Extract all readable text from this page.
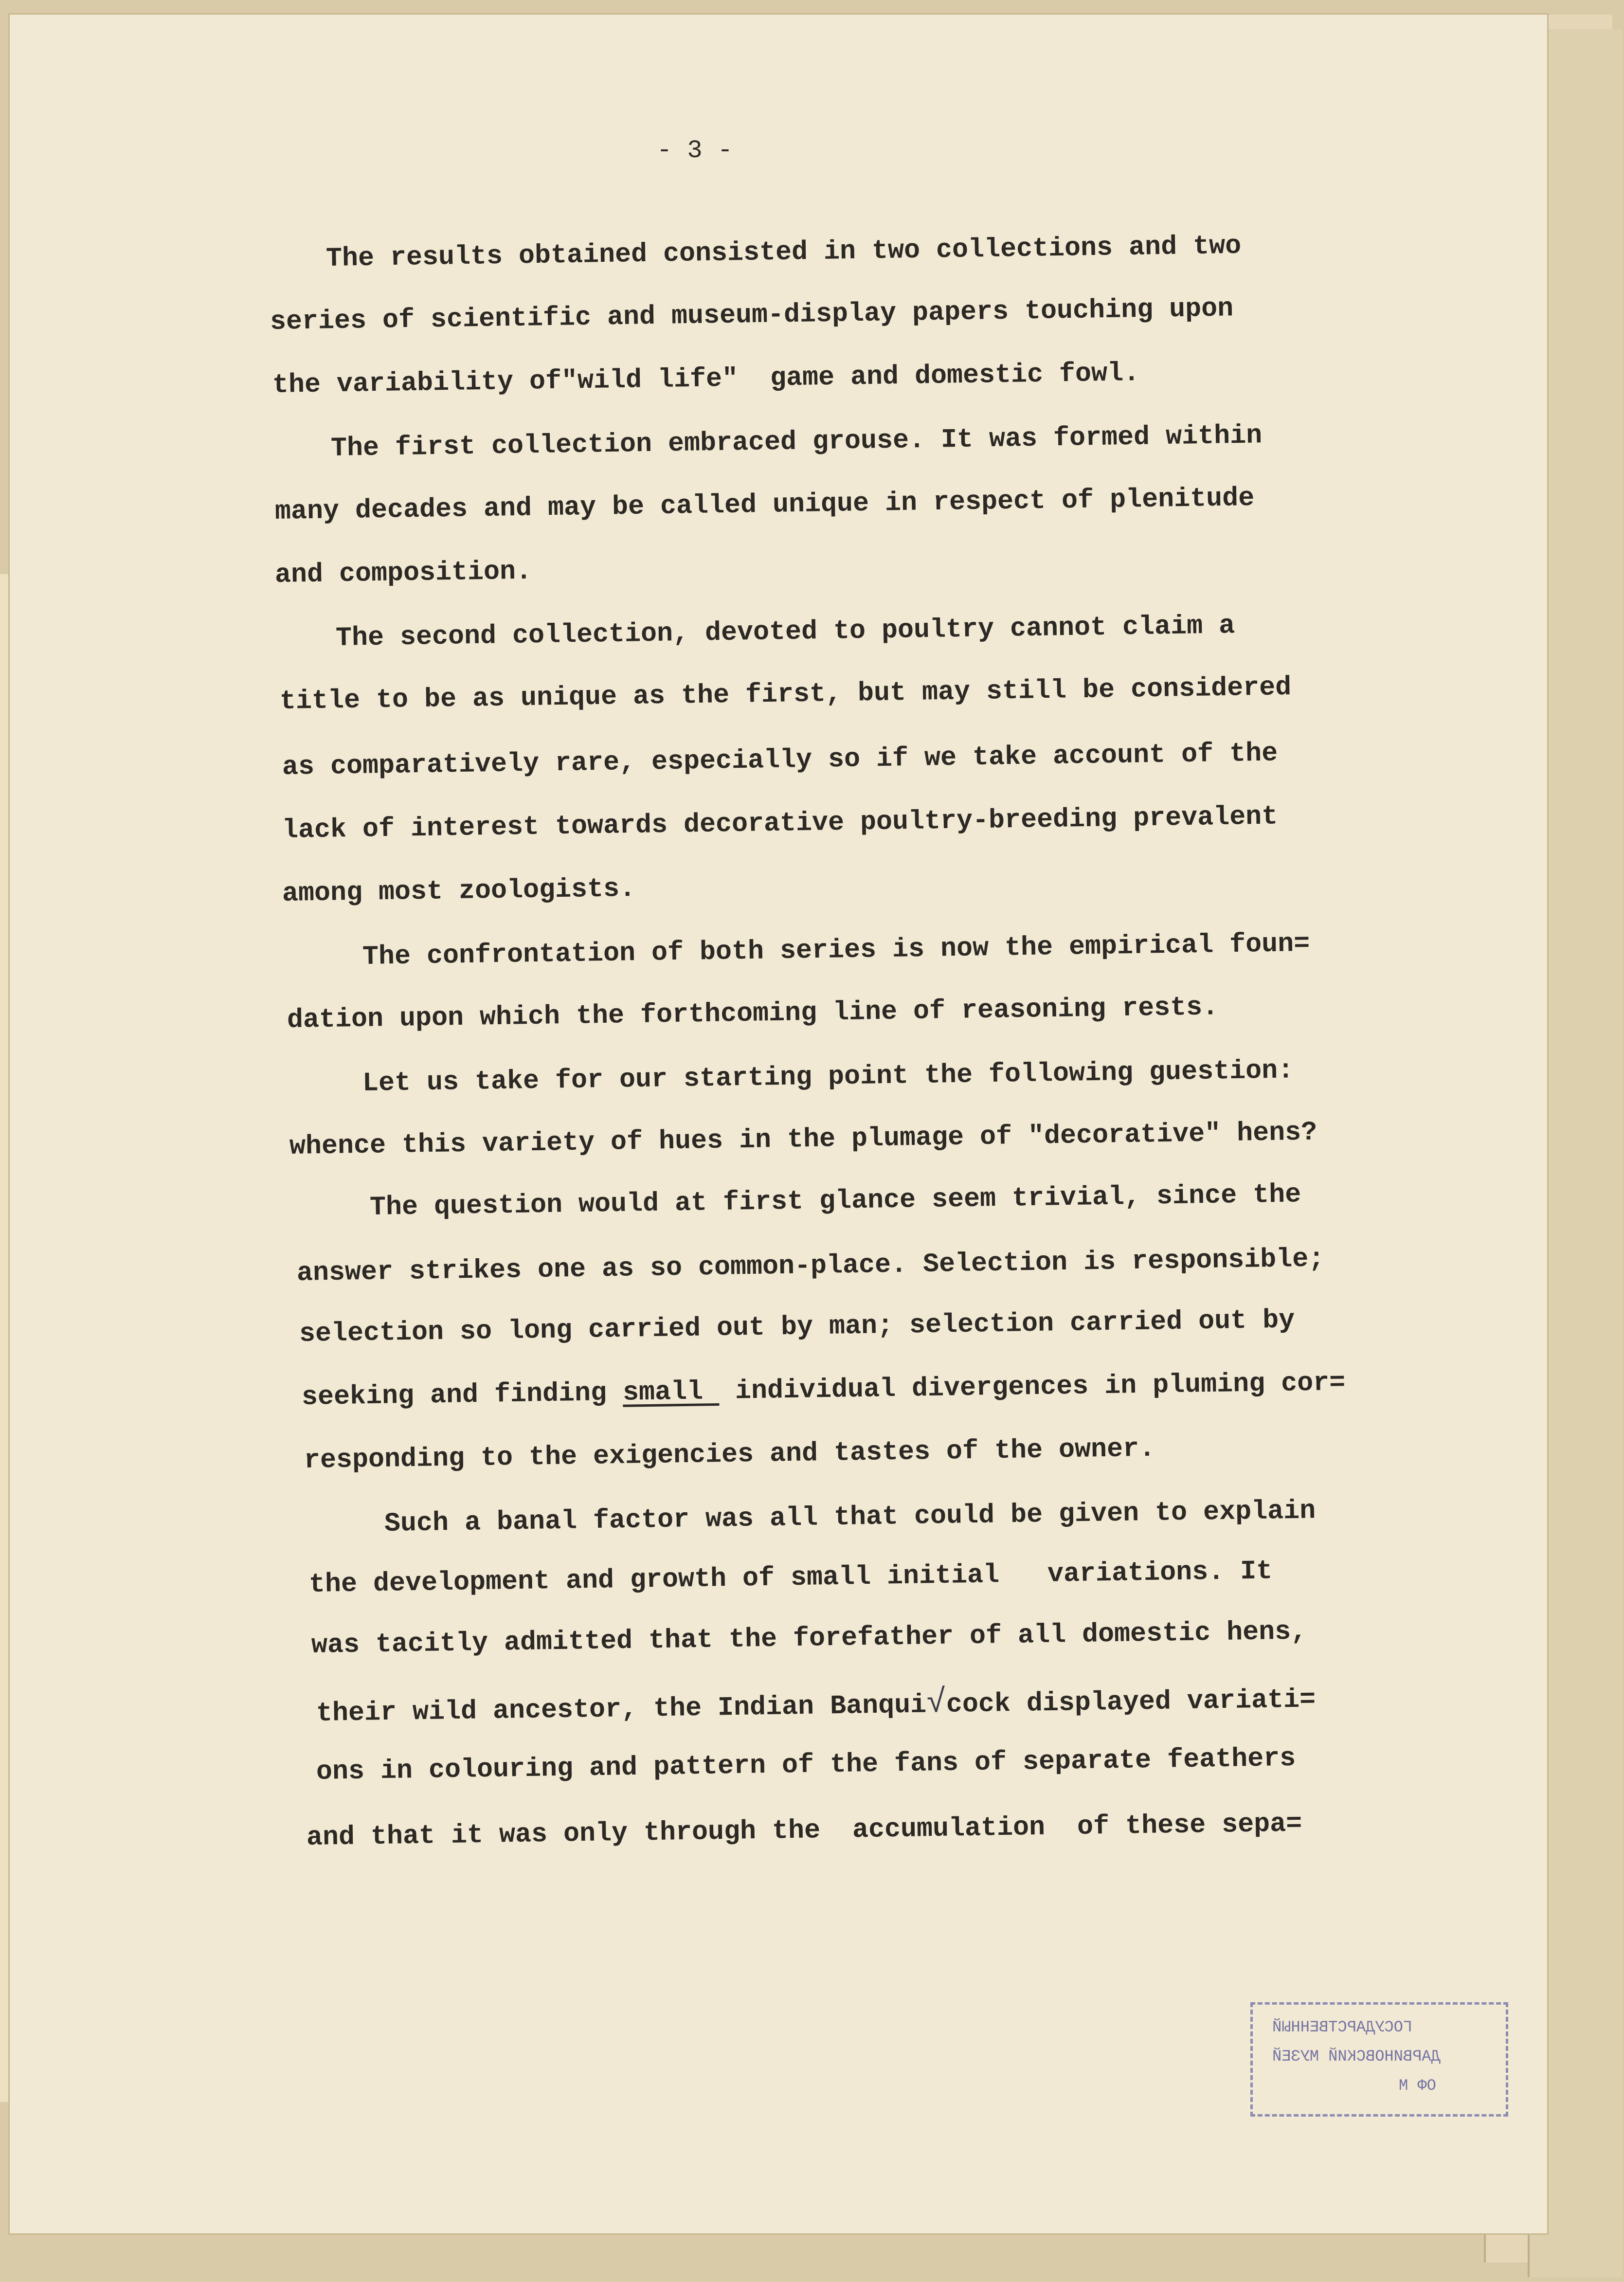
- 3 -
The results obtained consisted in two collections and two
series of scientific and museum-display papers touching upon
the variability of"wild life"  game and domestic fowl.
The first collection embraced grouse. It was formed within
many decades and may be called unique in respect of plenitude
and composition.
The second collection, devoted to poultry cannot claim a
title to be as unique as the first, but may still be considered
as comparatively rare, especially so if we take account of the
lack of interest towards decorative poultry-breeding prevalent
among most zoologists.
The confrontation of both series is now the empirical foun=
dation upon which the forthcoming line of reasoning rests.
Let us take for our starting point the following guestion:
whence this variety of hues in the plumage of "decorative" hens?
The question would at first glance seem trivial, since the
answer strikes one as so common-place. Selection is responsible;
selection so long carried out by man; selection carried out by
seeking and finding small  individual divergences in pluming cor=
responding to the exigencies and tastes of the owner.
Such a banal factor was all that could be given to explain
the development and growth of small initial   variations. It
was tacitly admitted that the forefather of all domestic hens,
their wild ancestor, the Indian Banqui√cock displayed variati=
ons in colouring and pattern of the fans of separate feathers
and that it was only through the  accumulation  of these sepa=
ГОСУДАРСТВЕННЫЙ
ДАРВИНОВСКИЙ МУЗЕЙ
ОФ М
